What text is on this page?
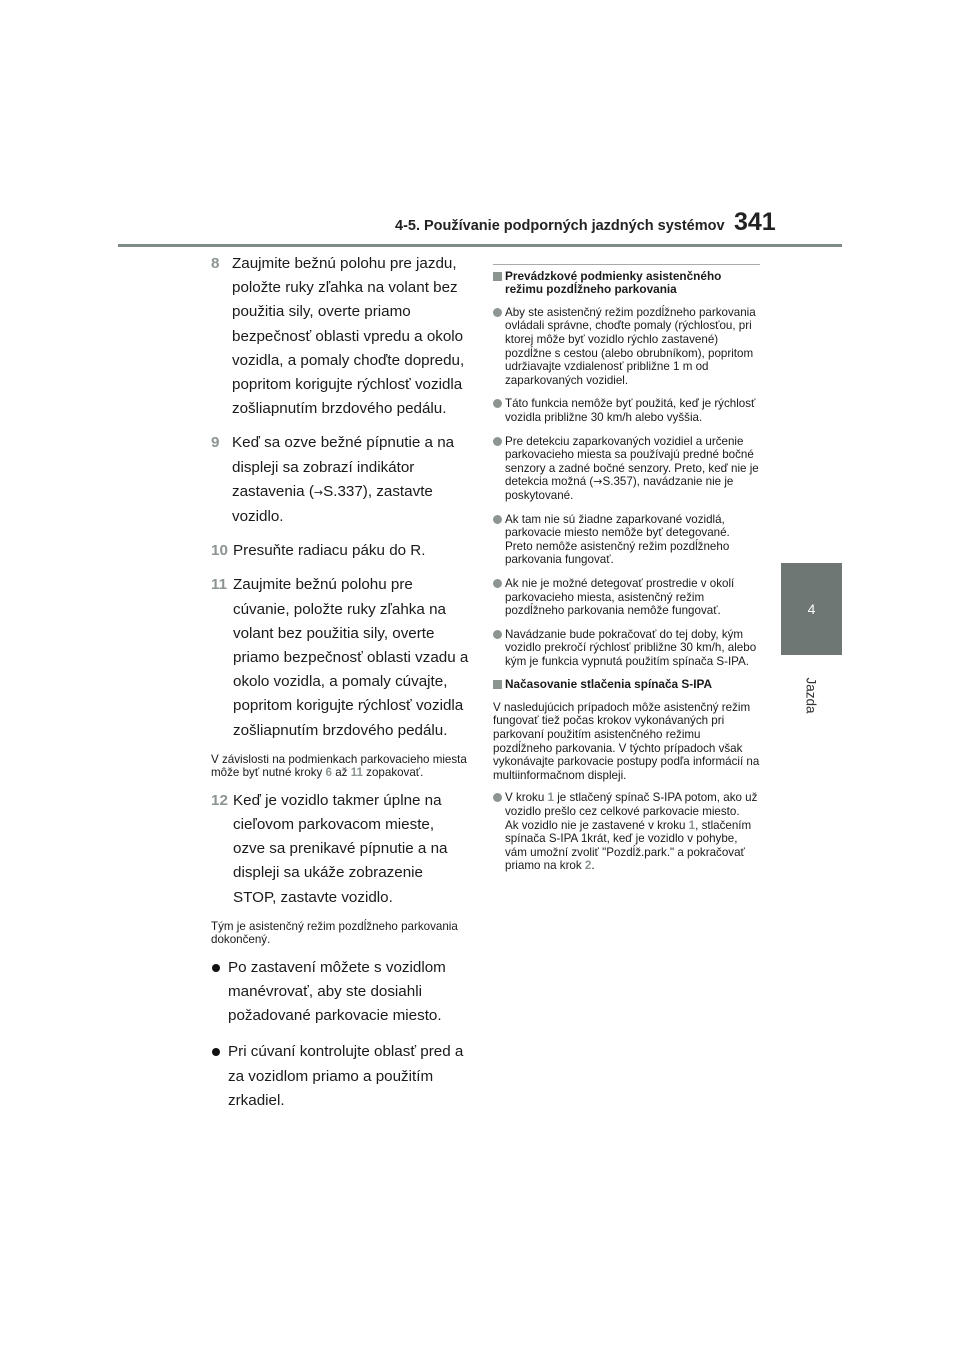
4-5. Používanie podporných jazdných systémov 341
4
Jazda
8 Zaujmite bežnú polohu pre jazdu, položte ruky zľahka na volant bez použitia sily, overte priamo bezpečnosť oblasti vpredu a okolo vozidla, a pomaly choďte dopredu, popritom korigujte rýchlosť vozidla zošliapnutím brzdového pedálu.
9 Keď sa ozve bežné pípnutie a na displeji sa zobrazí indikátor zastavenia (→S.337), zastavte vozidlo.
10 Presuňte radiacu páku do R.
11 Zaujmite bežnú polohu pre cúvanie, položte ruky zľahka na volant bez použitia sily, overte priamo bezpečnosť oblasti vzadu a okolo vozidla, a pomaly cúvajte, popritom korigujte rýchlosť vozidla zošliapnutím brzdového pedálu.
V závislosti na podmienkach parkovacieho miesta môže byť nutné kroky 6 až 11 zopakovať.
12 Keď je vozidlo takmer úplne na cieľovom parkovacom mieste, ozve sa prenikavé pípnutie a na displeji sa ukáže zobrazenie STOP, zastavte vozidlo.
Tým je asistenčný režim pozdĺžneho parkovania dokončený.
Po zastavení môžete s vozidlom manévrovať, aby ste dosiahli požadované parkovacie miesto.
Pri cúvaní kontrolujte oblasť pred a za vozidlom priamo a použitím zrkadiel.
Prevádzkové podmienky asistenčného režimu pozdĺžneho parkovania
Aby ste asistenčný režim pozdĺžneho parkovania ovládali správne, choďte pomaly (rýchlosťou, pri ktorej môže byť vozidlo rýchlo zastavené) pozdĺžne s cestou (alebo obrubníkom), popritom udržiavajte vzdialenosť približne 1 m od zaparkovaných vozidiel.
Táto funkcia nemôže byť použitá, keď je rýchlosť vozidla približne 30 km/h alebo vyššia.
Pre detekciu zaparkovaných vozidiel a určenie parkovacieho miesta sa používajú predné bočné senzory a zadné bočné senzory. Preto, keď nie je detekcia možná (→S.357), navádzanie nie je poskytované.
Ak tam nie sú žiadne zaparkované vozidlá, parkovacie miesto nemôže byť detegované. Preto nemôže asistenčný režim pozdĺžneho parkovania fungovať.
Ak nie je možné detegovať prostredie v okolí parkovacieho miesta, asistenčný režim pozdĺžneho parkovania nemôže fungovať.
Navádzanie bude pokračovať do tej doby, kým vozidlo prekročí rýchlosť približne 30 km/h, alebo kým je funkcia vypnutá použitím spínača S-IPA.
Načasovanie stlačenia spínača S-IPA
V nasledujúcich prípadoch môže asistenčný režim fungovať tiež počas krokov vykonávaných pri parkovaní použitím asistenčného režimu pozdĺžneho parkovania. V týchto prípadoch však vykonávajte parkovacie postupy podľa informácií na multiinformačnom displeji.
V kroku 1 je stlačený spínač S-IPA potom, ako už vozidlo prešlo cez celkové parkovacie miesto.
Ak vozidlo nie je zastavené v kroku 1, stlačením spínača S-IPA 1krát, keď je vozidlo v pohybe, vám umožní zvoliť "Pozdĺž.park." a pokračovať priamo na krok 2.
